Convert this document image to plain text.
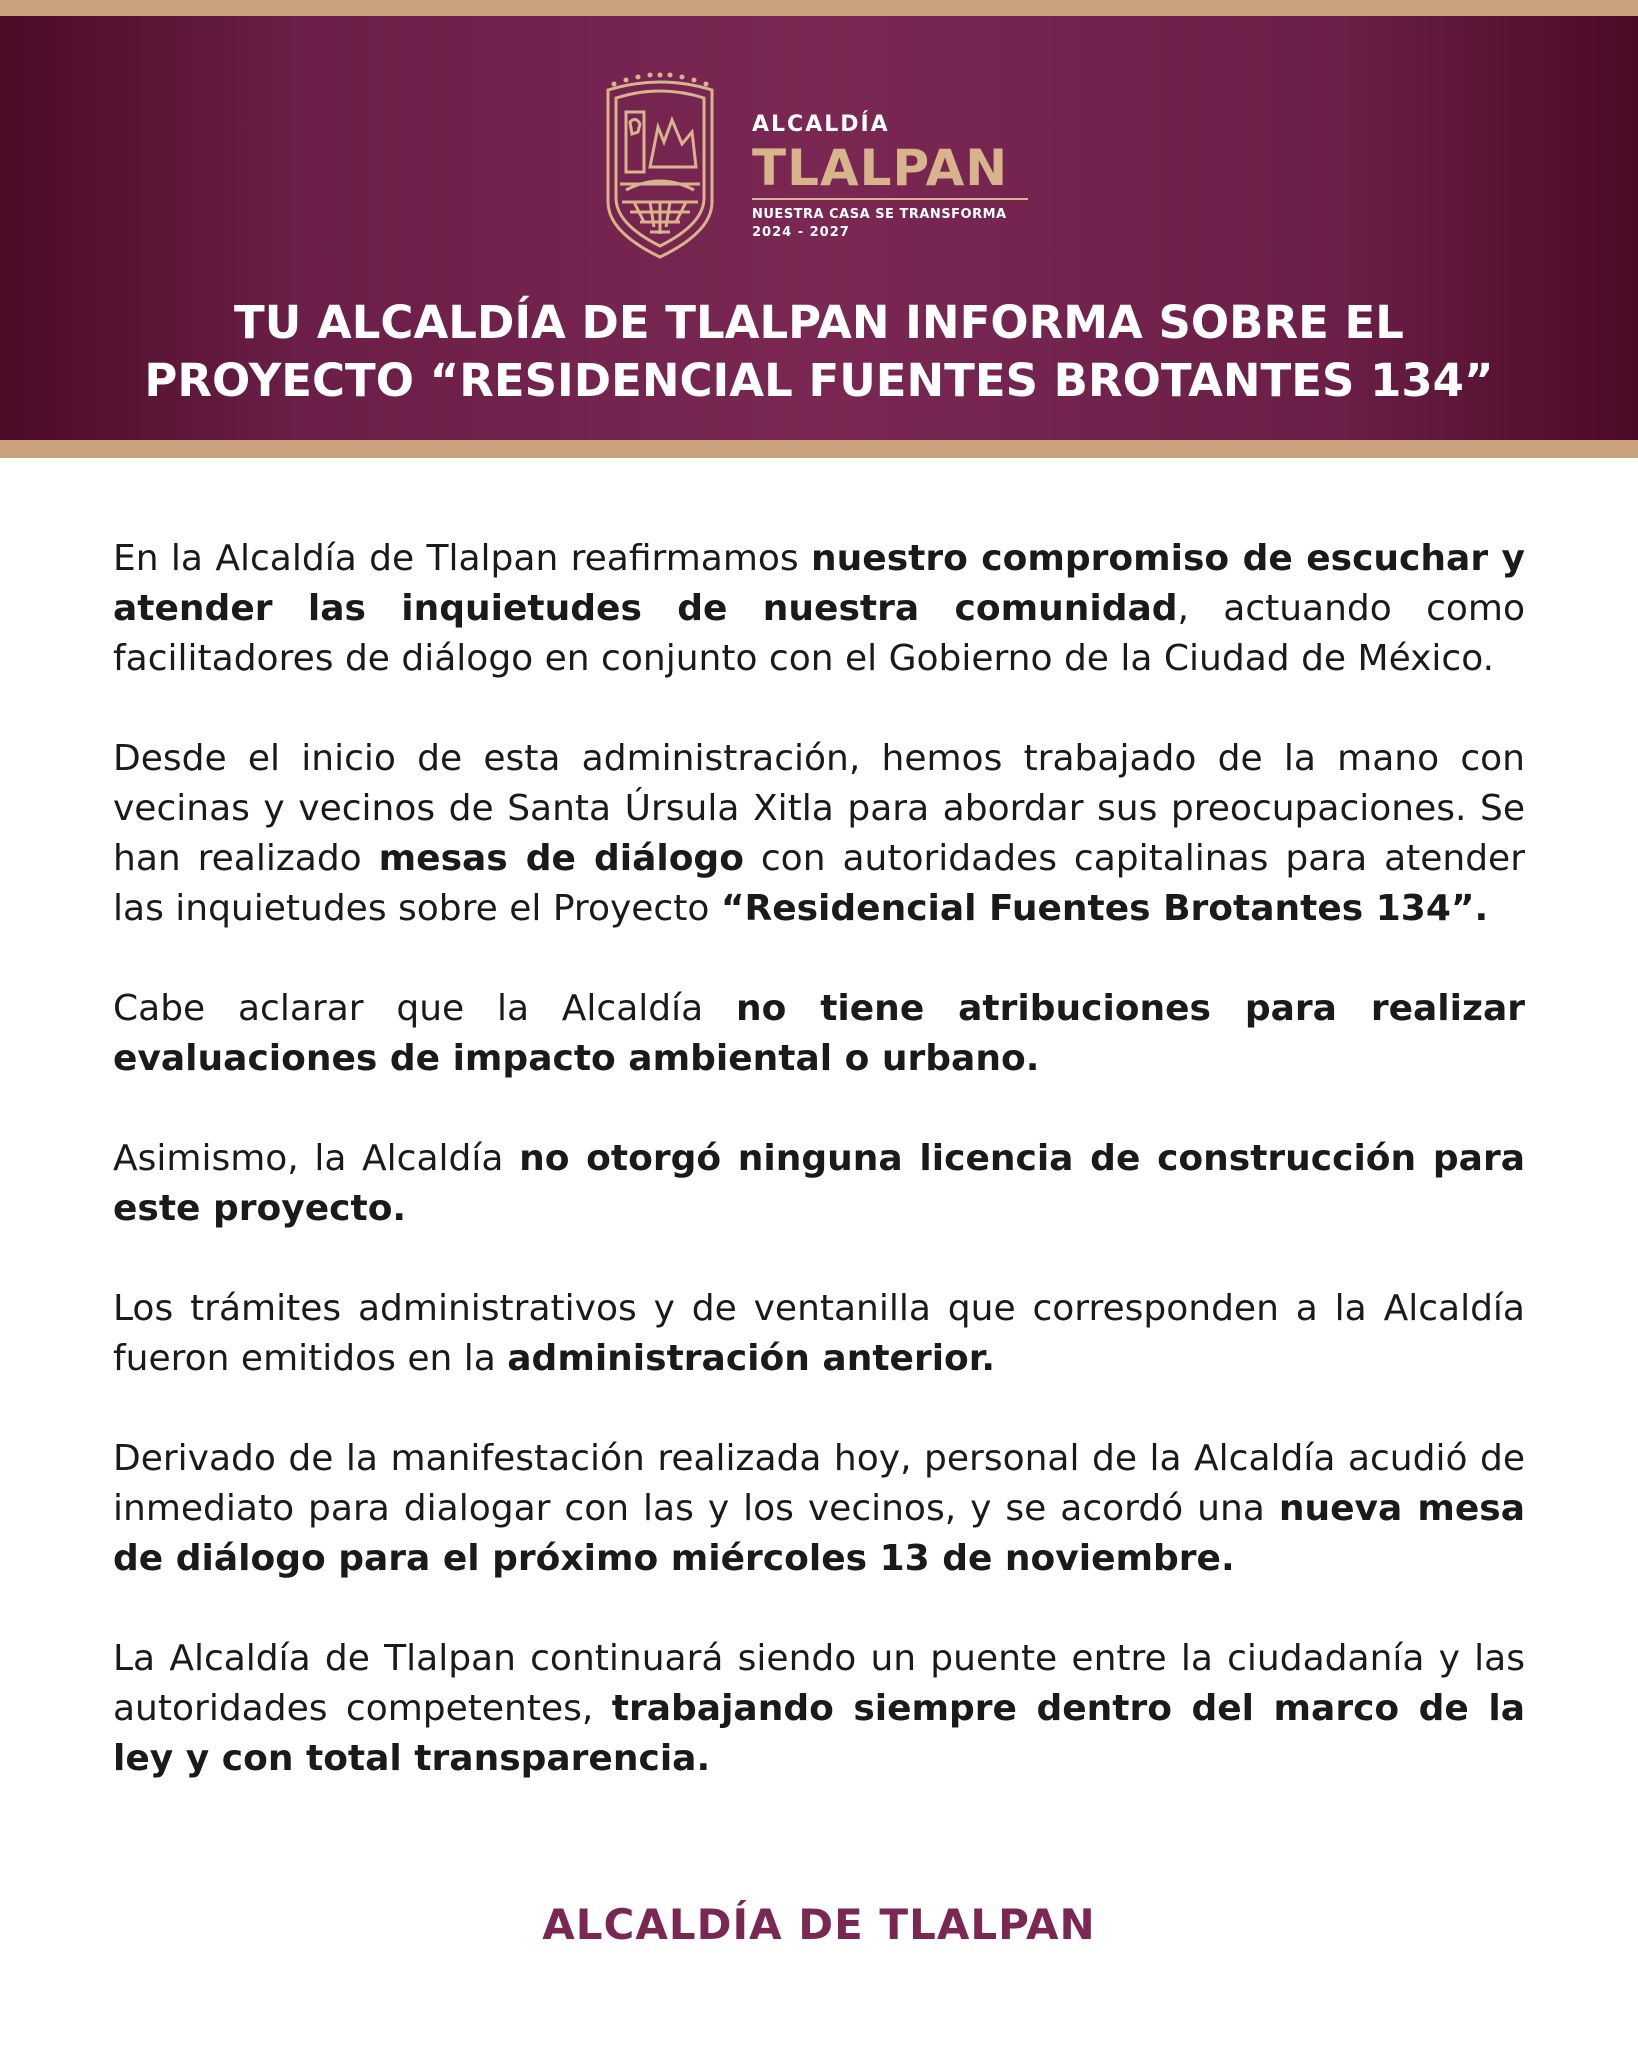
ALCALDÍA
TLALPAN
NUESTRA CASA SE TRANSFORMA
2024 - 2027
TU ALCALDÍA DE TLALPAN INFORMA SOBRE EL
PROYECTO “RESIDENCIAL FUENTES BROTANTES 134”

En la Alcaldía de Tlalpan reafirmamos nuestro compromiso de escuchar y atender las inquietudes de nuestra comunidad, actuando como facilitadores de diálogo en conjunto con el Gobierno de la Ciudad de México.

Desde el inicio de esta administración, hemos trabajado de la mano con vecinas y vecinos de Santa Úrsula Xitla para abordar sus preocupaciones. Se han realizado mesas de diálogo con autoridades capitalinas para atender las inquietudes sobre el Proyecto “Residencial Fuentes Brotantes 134”.

Cabe aclarar que la Alcaldía no tiene atribuciones para realizar evaluaciones de impacto ambiental o urbano.

Asimismo, la Alcaldía no otorgó ninguna licencia de construcción para este proyecto.

Los trámites administrativos y de ventanilla que corresponden a la Alcaldía fueron emitidos en la administración anterior.

Derivado de la manifestación realizada hoy, personal de la Alcaldía acudió de inmediato para dialogar con las y los vecinos, y se acordó una nueva mesa de diálogo para el próximo miércoles 13 de noviembre.

La Alcaldía de Tlalpan continuará siendo un puente entre la ciudadanía y las autoridades competentes, trabajando siempre dentro del marco de la ley y con total transparencia.

ALCALDÍA DE TLALPAN
